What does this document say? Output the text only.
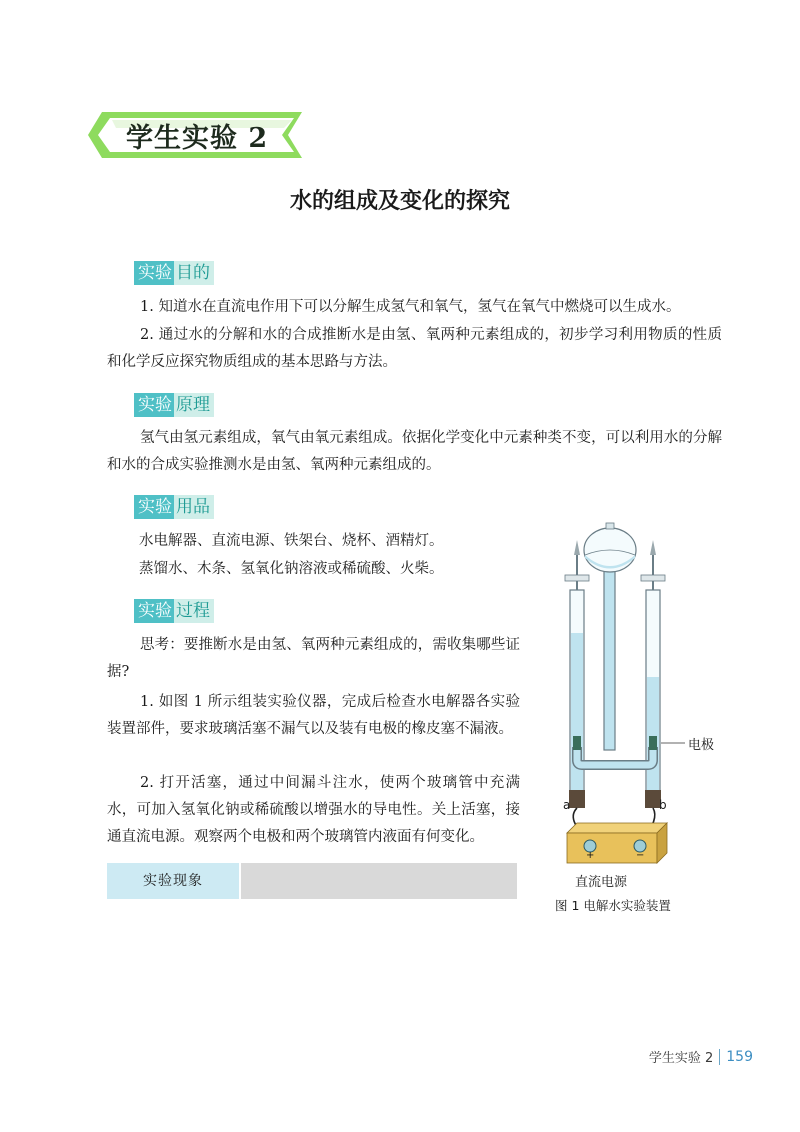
学生实验 2
水的组成及变化的探究
实验 目的
1. 知道水在直流电作用下可以分解生成氢气和氧气，氢气在氧气中燃烧可以生成水。
2. 通过水的分解和水的合成推断水是由氢、氧两种元素组成的，初步学习利用物质的性质和化学反应探究物质组成的基本思路与方法。
实验 原理
氢气由氢元素组成，氧气由氧元素组成。依据化学变化中元素种类不变，可以利用水的分解和水的合成实验推测水是由氢、氧两种元素组成的。
实验 用品
水电解器、直流电源、铁架台、烧杯、酒精灯。
蒸馏水、木条、氢氧化钠溶液或稀硫酸、火柴。
实验 过程
思考：要推断水是由氢、氧两种元素组成的，需收集哪些证据?
1. 如图 1 所示组装实验仪器，完成后检查水电解器各实验装置部件，要求玻璃活塞不漏气以及装有电极的橡皮塞不漏液。
2. 打开活塞，通过中间漏斗注水，使两个玻璃管中充满水，可加入氢氧化钠或稀硫酸以增强水的导电性。关上活塞，接通直流电源。观察两个电极和两个玻璃管内液面有何变化。
实验现象
电极
a	b
+	−
直流电源
图 1 电解水实验装置
学生实验 2 159
